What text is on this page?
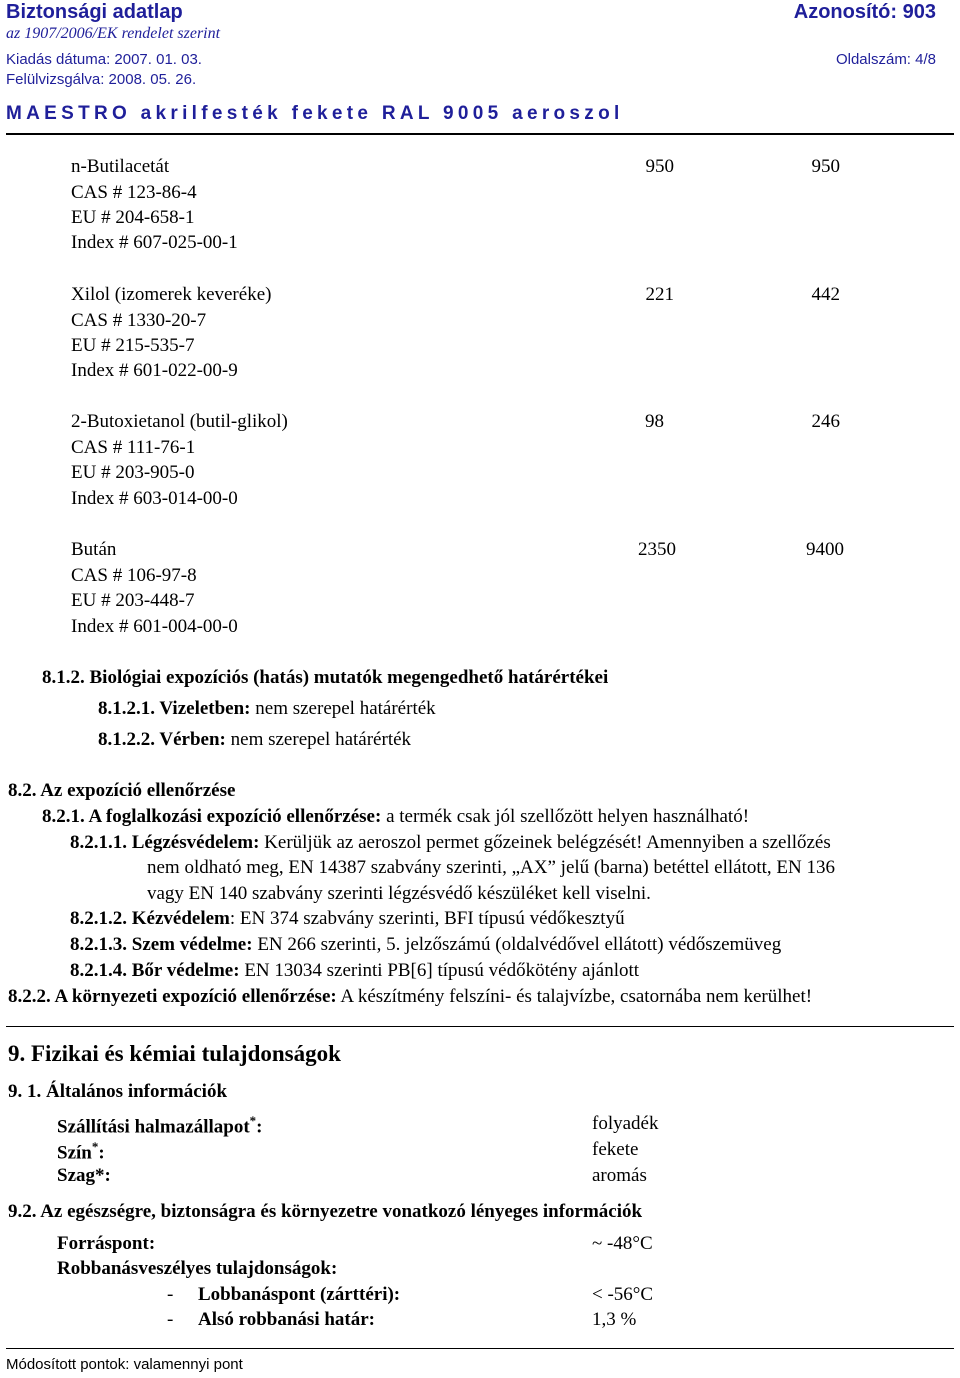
Biztonsági adatlap	Azonosító: 903
az 1907/2006/EK rendelet szerint
Kiadás dátuma: 2007. 01. 03.	Oldalszám: 4/8
Felülvizsgálva: 2008. 05. 26.
MAESTRO akrilfesték fekete RAL 9005 aeroszol
n-Butilacetát
CAS # 123-86-4
EU # 204-658-1
Index # 607-025-00-1
950	950
Xilol (izomerek keveréke)
CAS # 1330-20-7
EU # 215-535-7
Index # 601-022-00-9
221	442
2-Butoxietanol (butil-glikol)
CAS # 111-76-1
EU # 203-905-0
Index # 603-014-00-0
98	246
Bután
CAS # 106-97-8
EU # 203-448-7
Index # 601-004-00-0
2350	9400
8.1.2. Biológiai expozíciós (hatás) mutatók megengedhető határértékei
8.1.2.1. Vizeletben: nem szerepel határérték
8.1.2.2. Vérben: nem szerepel határérték
8.2. Az expozíció ellenőrzése
8.2.1. A foglalkozási expozíció ellenőrzése: a termék csak jól szellőzött helyen használható!
8.2.1.1. Légzésvédelem: Kerüljük az aeroszol permet gőzeinek belégzését! Amennyiben a szellőzés
nem oldható meg, EN 14387 szabvány szerinti, „AX” jelű (barna) betéttel ellátott, EN 136
vagy EN 140 szabvány szerinti légzésvédő készüléket kell viselni.
8.2.1.2. Kézvédelem: EN 374 szabvány szerinti, BFI típusú védőkesztyű
8.2.1.3. Szem védelme: EN 266 szerinti, 5. jelzőszámú (oldalvédővel ellátott) védőszemüveg
8.2.1.4. Bőr védelme: EN 13034 szerinti PB[6] típusú védőkötény ajánlott
8.2.2. A környezeti expozíció ellenőrzése: A készítmény felszíni- és talajvízbe, csatornába nem kerülhet!
9. Fizikai és kémiai tulajdonságok
9. 1. Általános információk
Szállítási halmazállapot*:	folyadék
Szín*:	fekete
Szag*:	aromás
9.2. Az egészségre, biztonságra és környezetre vonatkozó lényeges információk
Forráspont:	~ -48°C
Robbanásveszélyes tulajdonságok:
- Lobbanáspont (zárttéri):	< -56°C
- Alsó robbanási határ:	1,3 %
Módosított pontok: valamennyi pont
